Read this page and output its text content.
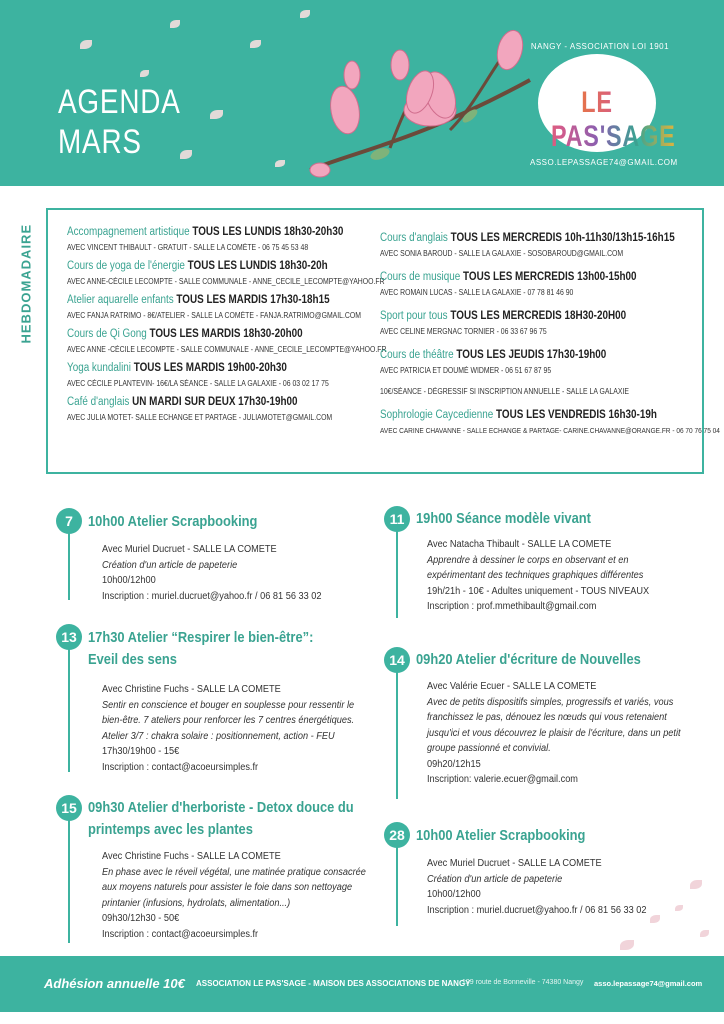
AGENDA
MARS
NANGY - ASSOCIATION LOI 1901
LE PAS'SAGE
ASSO.LEPASSAGE74@GMAIL.COM
HEBDOMADAIRE	Accompagnement artistique TOUS LES LUNDIS 18h30-20h30
AVEC VINCENT THIBAULT - GRATUIT - SALLE LA COMÈTE - 06 75 45 53 48
Cours de yoga de l'énergie TOUS LES LUNDIS 18h30-20h
AVEC ANNE-CÉCILE LECOMPTE - SALLE COMMUNALE - ANNE_CECILE_LECOMPTE@YAHOO.FR
Atelier aquarelle enfants TOUS LES MARDIS 17h30-18h15
AVEC FANJA RATRIMO - 8€/ATELIER - SALLE LA COMÈTE - FANJA.RATRIMO@GMAIL.COM
Cours de Qi Gong TOUS LES MARDIS 18h30-20h00
AVEC ANNE -CÉCILE LECOMPTE - SALLE COMMUNALE - ANNE_CECILE_LECOMPTE@YAHOO.FR
Yoga kundalini TOUS LES MARDIS 19h00-20h30
AVEC CÉCILE PLANTEVIN- 16€/LA SÉANCE - SALLE LA GALAXIE - 06 03 02 17 75
Café d'anglais UN MARDI SUR DEUX 17h30-19h00
AVEC JULIA MOTET- SALLE ECHANGE ET PARTAGE - JULIAMOTET@GMAIL.COM
Cours d'anglais TOUS LES MERCREDIS 10h-11h30/13h15-16h15
AVEC SONIA BAROUD - SALLE LA GALAXIE - SOSOBAROUD@GMAIL.COM
Cours de musique TOUS LES MERCREDIS 13h00-15h00
AVEC ROMAIN LUCAS - SALLE LA GALAXIE - 07 78 81 46 90
Sport pour tous TOUS LES MERCREDIS 18H30-20H00
AVEC CELINE MERGNAC TORNIER - 06 33 67 96 75
Cours de théâtre TOUS LES JEUDIS 17h30-19h00
AVEC PATRICIA ET DOUMÉ WIDMER - 06 51 67 87 95
10€/SÉANCE - DÉGRESSIF SI INSCRIPTION ANNUELLE - SALLE LA GALAXIE
Sophrologie Caycedienne TOUS LES VENDREDIS 16h30-19h
AVEC CARINE CHAVANNE - SALLE ECHANGE & PARTAGE- CARINE.CHAVANNE@ORANGE.FR - 06 70 76 75 04
7	10h00 Atelier Scrapbooking
Avec Muriel Ducruet - SALLE LA COMETE
Création d'un article de papeterie
10h00/12h00
Inscription : muriel.ducruet@yahoo.fr / 06 81 56 33 02
13 17h30 Atelier “Respirer le bien-être”:
Eveil des sens
Avec Christine Fuchs - SALLE LA COMETE
Sentir en conscience et bouger en souplesse pour ressentir le
bien-être. 7 ateliers pour renforcer les 7 centres énergétiques.
Atelier 3/7 : chakra solaire : positionnement, action - FEU
17h30/19h00 - 15€
Inscription : contact@acoeursimples.fr
15 09h30 Atelier d'herboriste - Detox douce du
printemps avec les plantes
Avec Christine Fuchs - SALLE LA COMETE
En phase avec le réveil végétal, une matinée pratique consacrée
aux moyens naturels pour assister le foie dans son nettoyage
printanier (infusions, hydrolats, alimentation...)
09h30/12h30 - 50€
Inscription : contact@acoeursimples.fr
11 19h00 Séance modèle vivant
Avec Natacha Thibault - SALLE LA COMETE
Apprendre à dessiner le corps en observant et en
expérimentant des techniques graphiques différentes
19h/21h - 10€ - Adultes uniquement - TOUS NIVEAUX
Inscription : prof.mmethibault@gmail.com
14 09h20 Atelier d'écriture de Nouvelles
Avec Valérie Ecuer - SALLE LA COMETE
Avec de petits dispositifs simples, progressifs et variés, vous
franchissez le pas, dénouez les nœuds qui vous retenaient
jusqu'ici et vous découvrez le plaisir de l'écriture, dans un petit
groupe passionné et convivial.
09h20/12h15
Inscription: valerie.ecuer@gmail.com
28 10h00 Atelier Scrapbooking
Avec Muriel Ducruet - SALLE LA COMETE
Création d'un article de papeterie
10h00/12h00
Inscription : muriel.ducruet@yahoo.fr / 06 81 56 33 02
Adhésion annuelle 10€ ASSOCIATION LE PAS'SAGE - MAISON DES ASSOCIATIONS DE NANGY
199 route de Bonneville - 74380 Nangy asso.lepassage74@gmail.com
